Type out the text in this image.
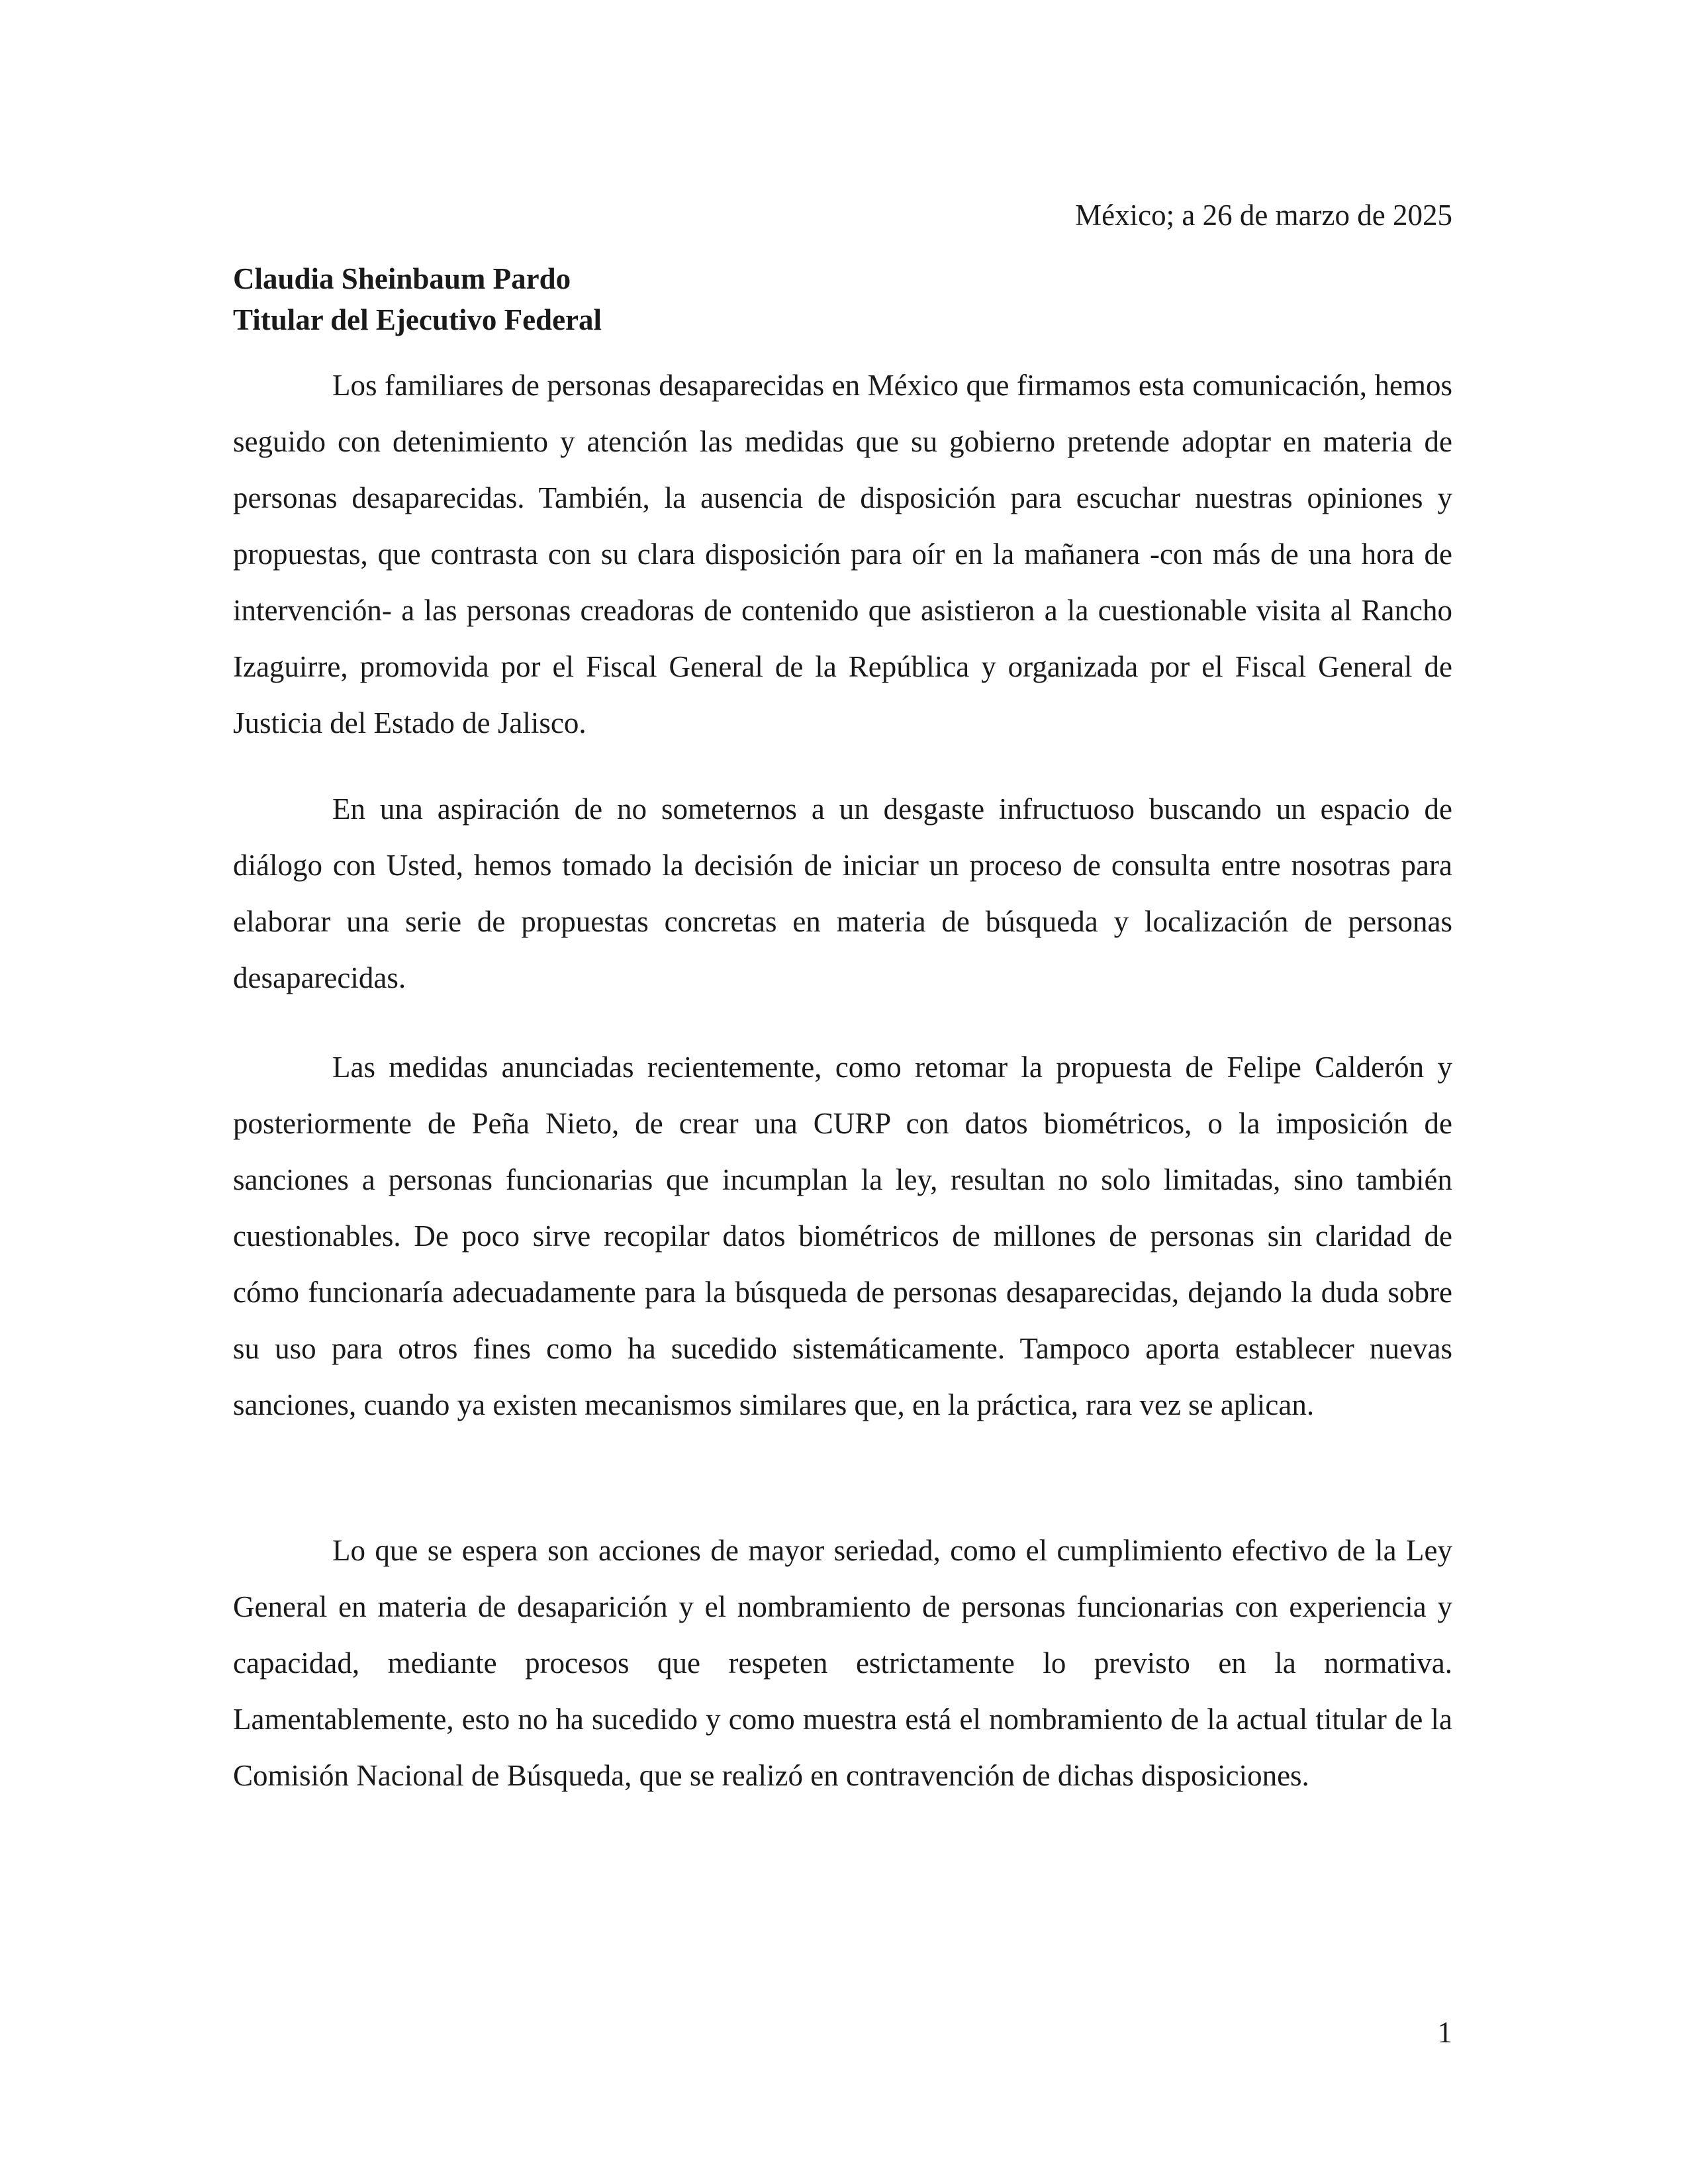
México; a 26 de marzo de 2025
Claudia Sheinbaum Pardo
Titular del Ejecutivo Federal

Los familiares de personas desaparecidas en México que firmamos esta comunicación, hemos seguido con detenimiento y atención las medidas que su gobierno pretende adoptar en materia de personas desaparecidas. También, la ausencia de disposición para escuchar nuestras opiniones y propuestas, que contrasta con su clara disposición para oír en la mañanera -con más de una hora de intervención- a las personas creadoras de contenido que asistieron a la cuestionable visita al Rancho Izaguirre, promovida por el Fiscal General de la República y organizada por el Fiscal General de Justicia del Estado de Jalisco.

En una aspiración de no someternos a un desgaste infructuoso buscando un espacio de diálogo con Usted, hemos tomado la decisión de iniciar un proceso de consulta entre nosotras para elaborar una serie de propuestas concretas en materia de búsqueda y localización de personas desaparecidas.

Las medidas anunciadas recientemente, como retomar la propuesta de Felipe Calderón y posteriormente de Peña Nieto, de crear una CURP con datos biométricos, o la imposición de sanciones a personas funcionarias que incumplan la ley, resultan no solo limitadas, sino también cuestionables. De poco sirve recopilar datos biométricos de millones de personas sin claridad de cómo funcionaría adecuadamente para la búsqueda de personas desaparecidas, dejando la duda sobre su uso para otros fines como ha sucedido sistemáticamente. Tampoco aporta establecer nuevas sanciones, cuando ya existen mecanismos similares que, en la práctica, rara vez se aplican.

Lo que se espera son acciones de mayor seriedad, como el cumplimiento efectivo de la Ley General en materia de desaparición y el nombramiento de personas funcionarias con experiencia y capacidad, mediante procesos que respeten estrictamente lo previsto en la normativa. Lamentablemente, esto no ha sucedido y como muestra está el nombramiento de la actual titular de la Comisión Nacional de Búsqueda, que se realizó en contravención de dichas disposiciones.

1
